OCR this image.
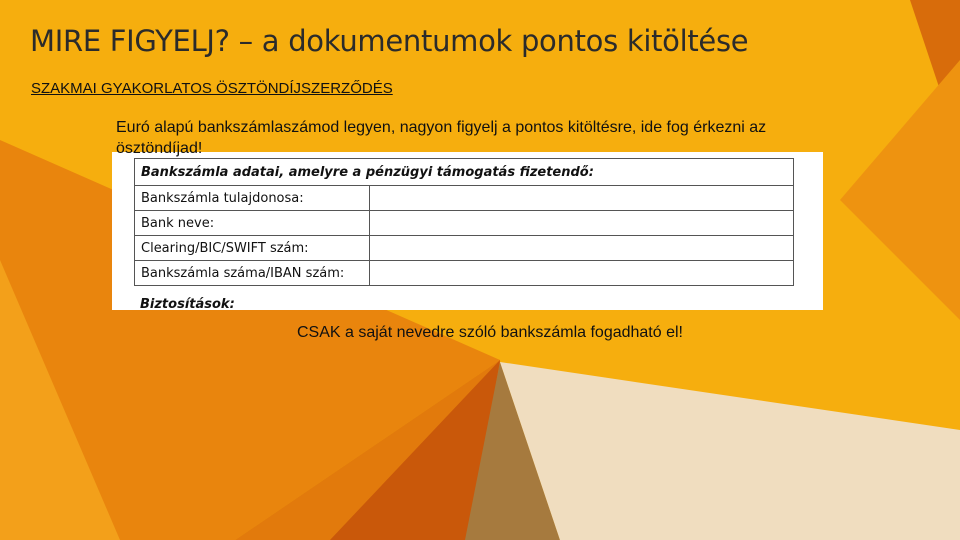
MIRE FIGYELJ? – a dokumentumok pontos kitöltése
SZAKMAI GYAKORLATOS ÖSZTÖNDÍJSZERZŐDÉS
Euró alapú bankszámlaszámod legyen, nagyon figyelj a pontos kitöltésre, ide fog érkezni az ösztöndíjad!
Bankszámla adatai, amelyre a pénzügyi támogatás fizetendő:	
Bankszámla tulajdonosa:	
Bank neve:	
Clearing/BIC/SWIFT szám:	
Bankszámla száma/IBAN szám:	
Biztosítások:
CSAK a saját nevedre szóló bankszámla fogadható el!
